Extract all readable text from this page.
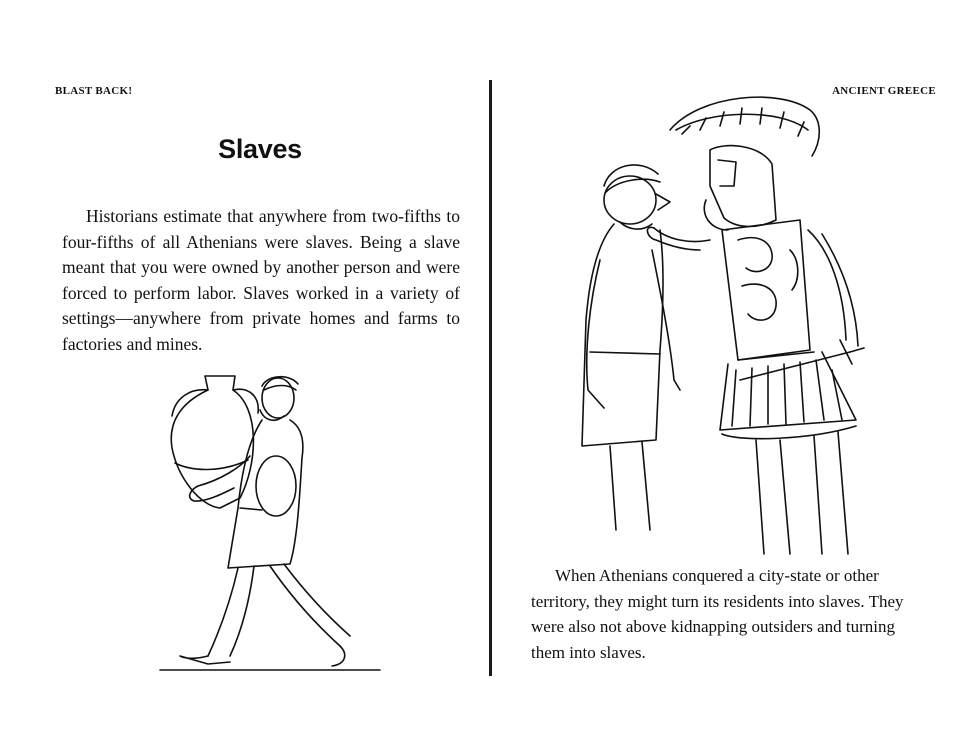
BLAST BACK!
Slaves

Historians estimate that anywhere from two-fifths to four-fifths of all Athenians were slaves. Being a slave meant that you were owned by another person and were forced to perform labor. Slaves worked in a variety of settings—anywhere from private homes and farms to factories and mines.

ANCIENT GREECE

When Athenians conquered a city-state or other territory, they might turn its residents into slaves. They were also not above kidnapping outsiders and turning them into slaves.
